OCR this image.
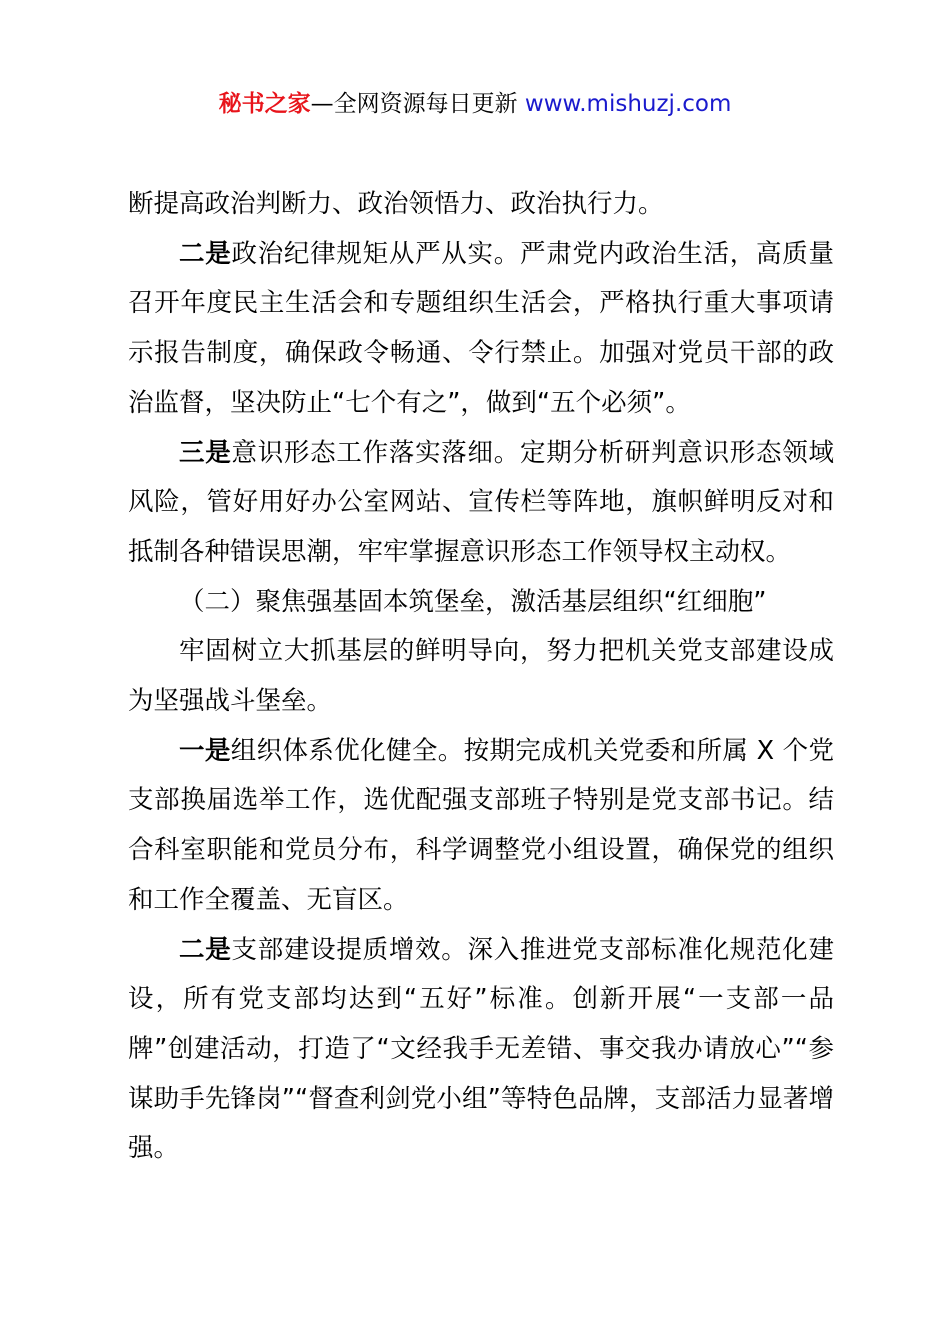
秘书之家—全网资源每日更新 www.mishuzj.com

断提高政治判断力、政治领悟力、政治执行力。

二是政治纪律规矩从严从实。严肃党内政治生活，高质量召开年度民主生活会和专题组织生活会，严格执行重大事项请示报告制度，确保政令畅通、令行禁止。加强对党员干部的政治监督，坚决防止“七个有之”，做到“五个必须”。

三是意识形态工作落实落细。定期分析研判意识形态领域风险，管好用好办公室网站、宣传栏等阵地，旗帜鲜明反对和抵制各种错误思潮，牢牢掌握意识形态工作领导权主动权。

（二）聚焦强基固本筑堡垒，激活基层组织“红细胞”

牢固树立大抓基层的鲜明导向，努力把机关党支部建设成为坚强战斗堡垒。

一是组织体系优化健全。按期完成机关党委和所属 X 个党支部换届选举工作，选优配强支部班子特别是党支部书记。结合科室职能和党员分布，科学调整党小组设置，确保党的组织和工作全覆盖、无盲区。

二是支部建设提质增效。深入推进党支部标准化规范化建设，所有党支部均达到“五好”标准。创新开展“一支部一品牌”创建活动，打造了“文经我手无差错、事交我办请放心”“参谋助手先锋岗”“督查利剑党小组”等特色品牌，支部活力显著增强。
